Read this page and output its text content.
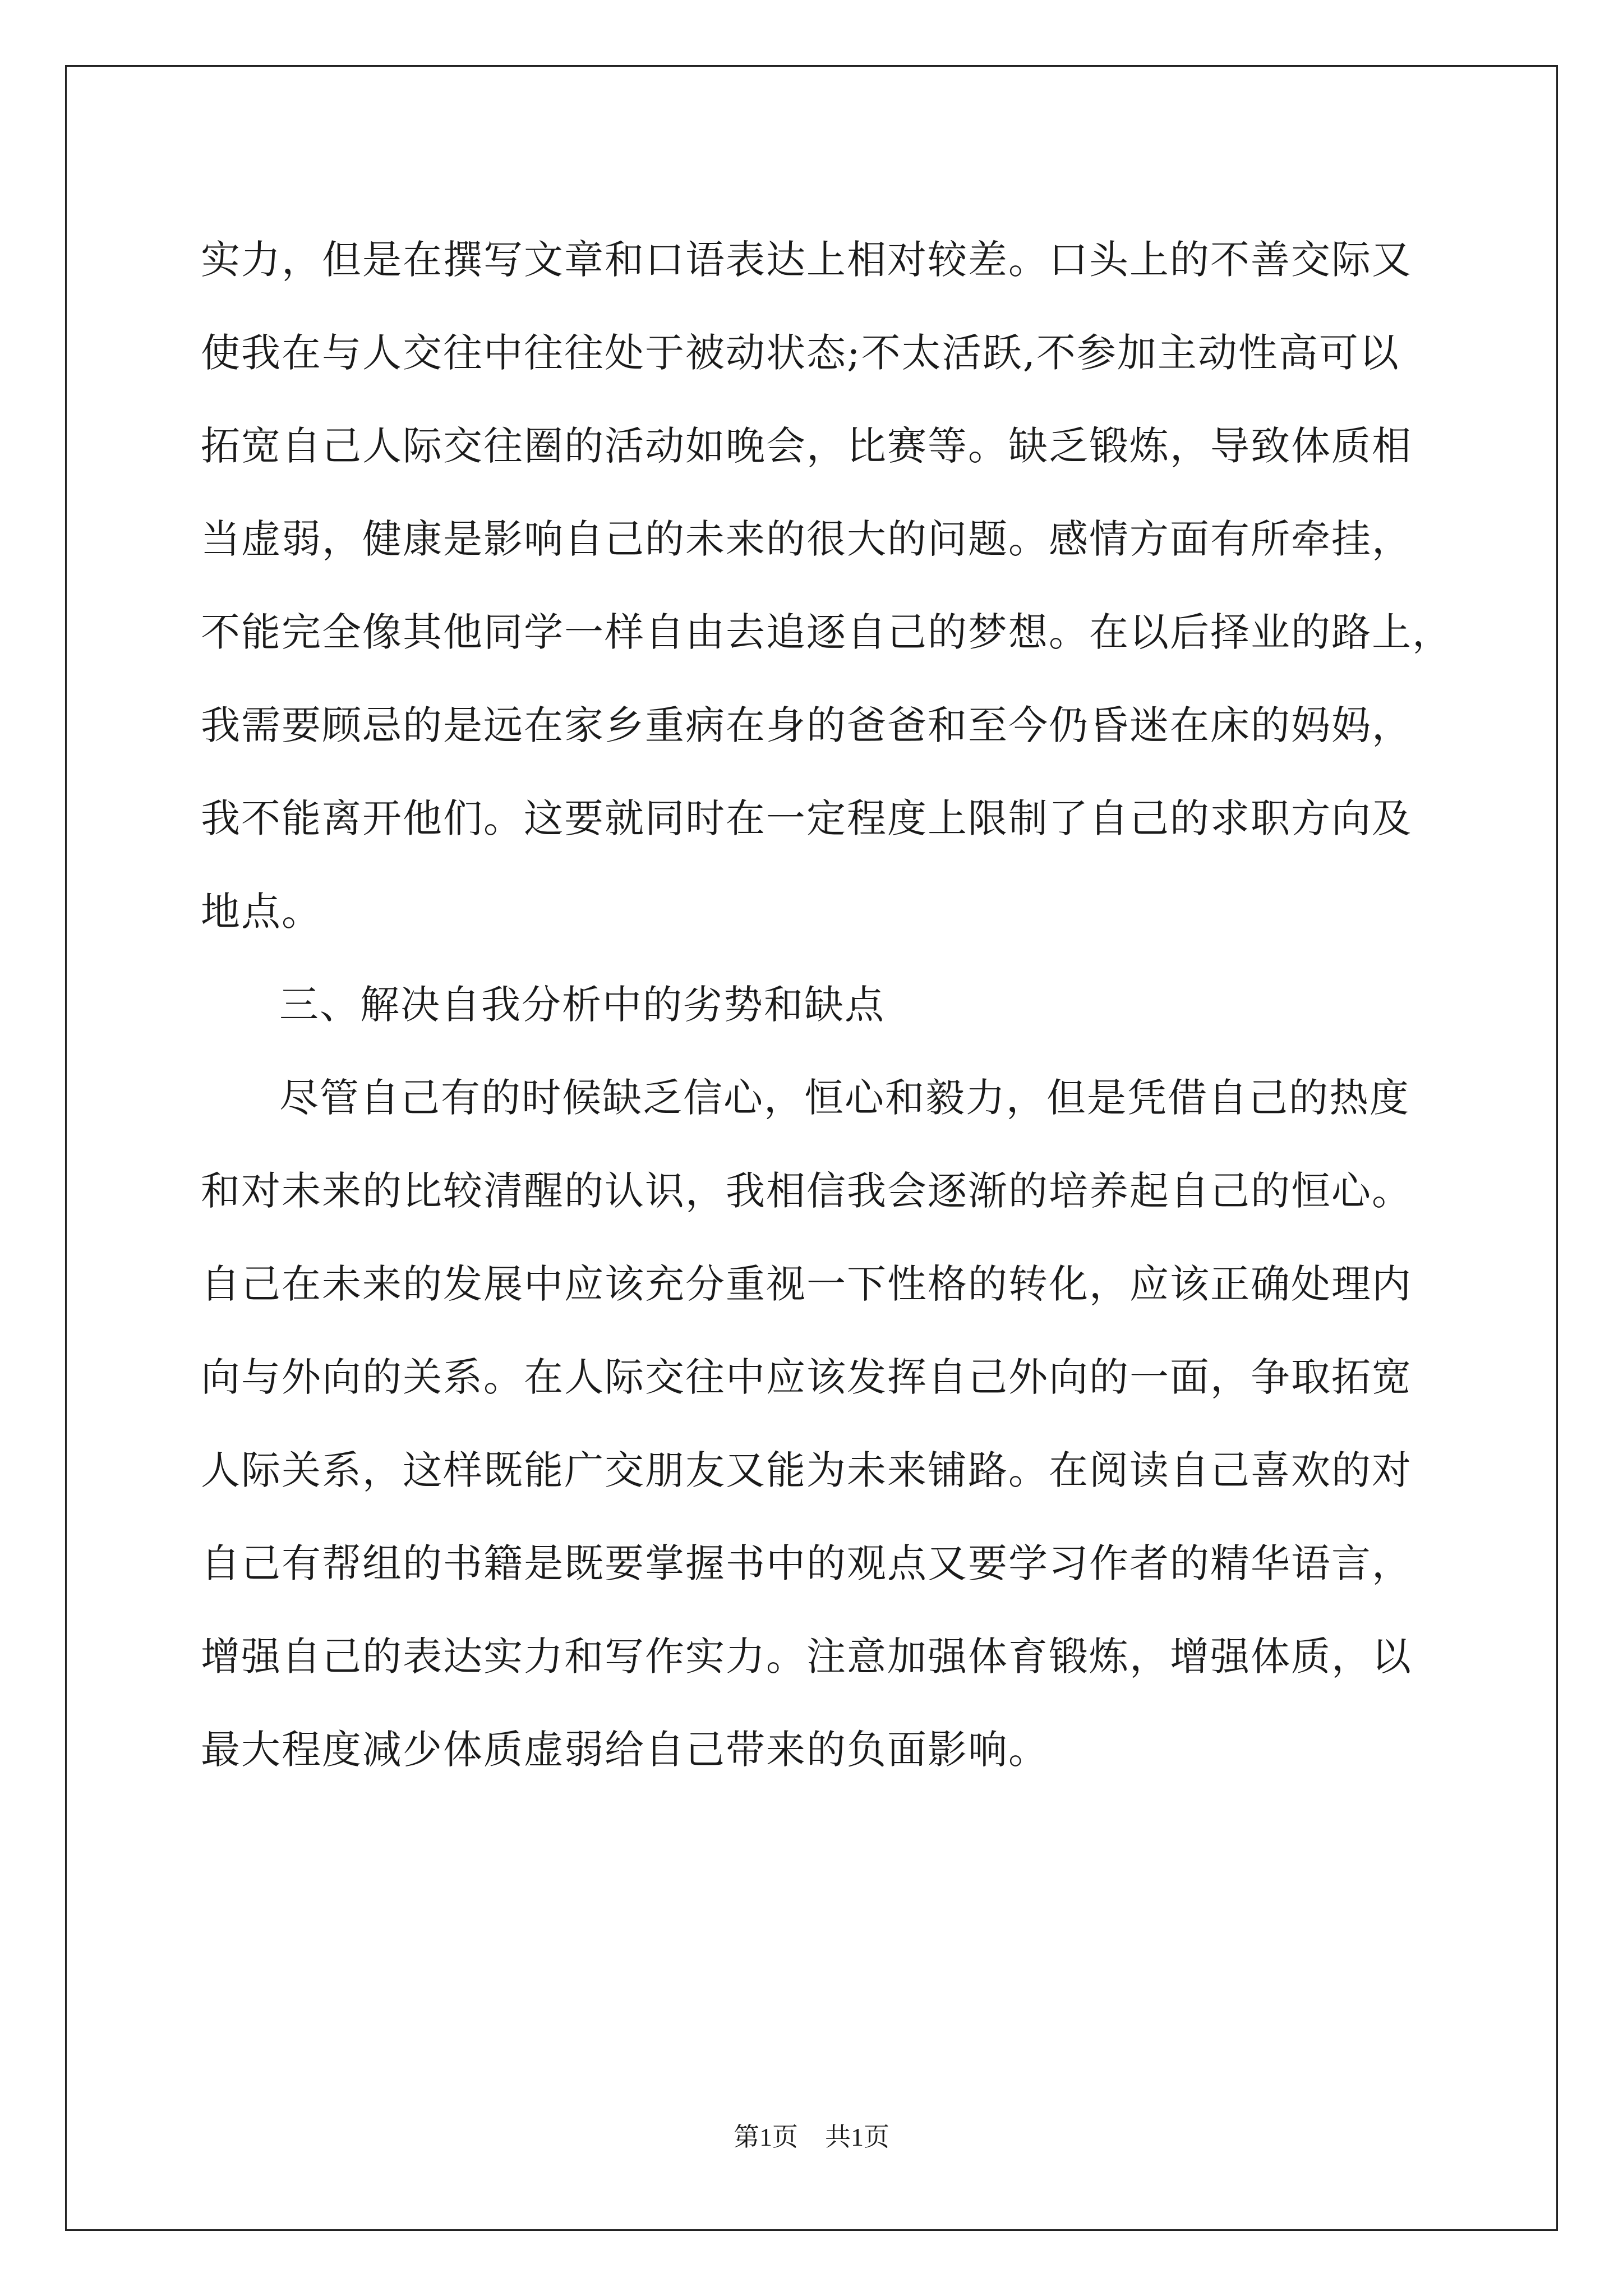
实力，但是在撰写文章和口语表达上相对较差。口头上的不善交际又
使我在与人交往中往往处于被动状态;不太活跃,不参加主动性高可以
拓宽自己人际交往圈的活动如晚会，比赛等。缺乏锻炼，导致体质相
当虚弱，健康是影响自己的未来的很大的问题。感情方面有所牵挂，
不能完全像其他同学一样自由去追逐自己的梦想。在以后择业的路上，
我需要顾忌的是远在家乡重病在身的爸爸和至今仍昏迷在床的妈妈，
我不能离开他们。这要就同时在一定程度上限制了自己的求职方向及
地点。
三、解决自我分析中的劣势和缺点
尽管自己有的时候缺乏信心，恒心和毅力，但是凭借自己的热度
和对未来的比较清醒的认识，我相信我会逐渐的培养起自己的恒心。
自己在未来的发展中应该充分重视一下性格的转化，应该正确处理内
向与外向的关系。在人际交往中应该发挥自己外向的一面，争取拓宽
人际关系，这样既能广交朋友又能为未来铺路。在阅读自己喜欢的对
自己有帮组的书籍是既要掌握书中的观点又要学习作者的精华语言，
增强自己的表达实力和写作实力。注意加强体育锻炼，增强体质，以
最大程度减少体质虚弱给自己带来的负面影响。
第1页 共1页
